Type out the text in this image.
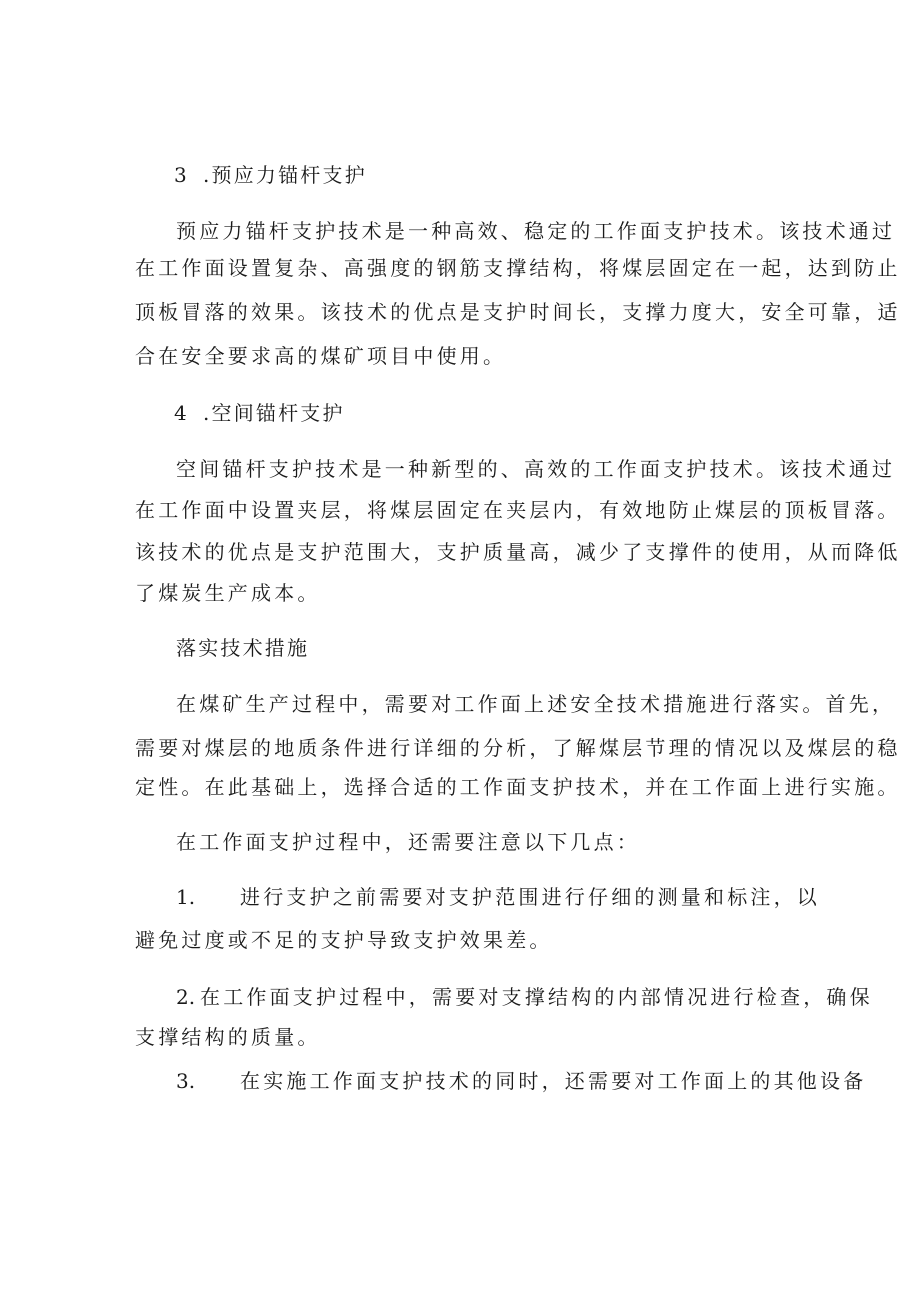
3 .预应力锚杆支护
预应力锚杆支护技术是一种高效、稳定的工作面支护技术。该技术通过
在工作面设置复杂、高强度的钢筋支撑结构，将煤层固定在一起，达到防止
顶板冒落的效果。该技术的优点是支护时间长，支撑力度大，安全可靠，适
合在安全要求高的煤矿项目中使用。
4 .空间锚杆支护
空间锚杆支护技术是一种新型的、高效的工作面支护技术。该技术通过
在工作面中设置夹层，将煤层固定在夹层内，有效地防止煤层的顶板冒落。
该技术的优点是支护范围大，支护质量高，减少了支撑件的使用，从而降低
了煤炭生产成本。
落实技术措施
在煤矿生产过程中，需要对工作面上述安全技术措施进行落实。首先，
需要对煤层的地质条件进行详细的分析，了解煤层节理的情况以及煤层的稳
定性。在此基础上，选择合适的工作面支护技术，并在工作面上进行实施。
在工作面支护过程中，还需要注意以下几点：
1. 进行支护之前需要对支护范围进行仔细的测量和标注，以
避免过度或不足的支护导致支护效果差。
2. 在工作面支护过程中，需要对支撑结构的内部情况进行检查，确保
支撑结构的质量。
3. 在实施工作面支护技术的同时，还需要对工作面上的其他设备
